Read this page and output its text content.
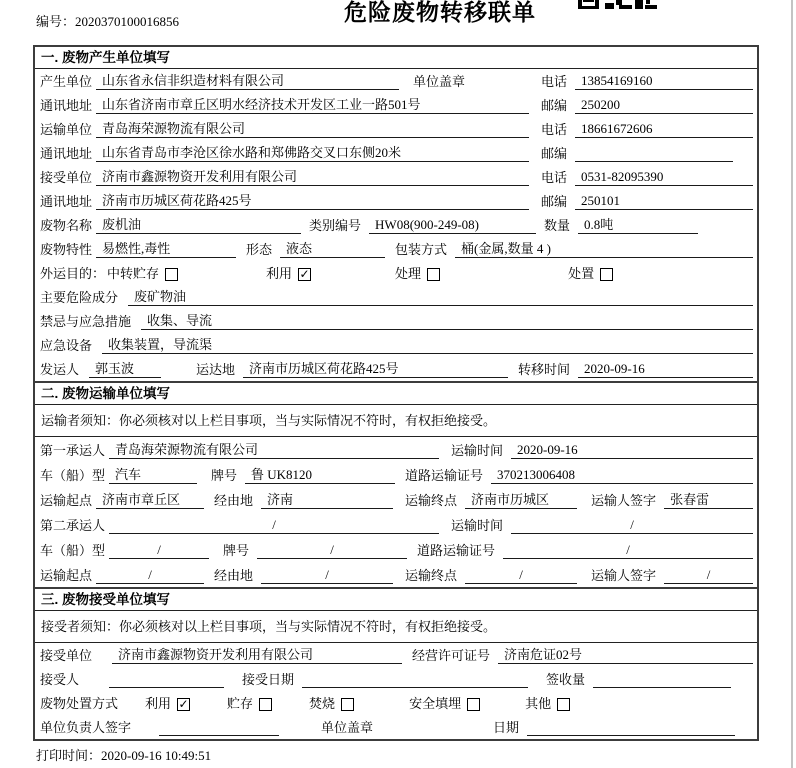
编号：2020370100016856	危险废物转移联单
一. 废物产生单位填写
产生单位 山东省永信非织造材料有限公司	单位盖章	电话	13854169160
通讯地址 山东省济南市章丘区明水经济技术开发区工业一路501号	邮编	250200
运输单位 青岛海荣源物流有限公司	电话	18661672606
通讯地址 山东省青岛市李沧区徐水路和郑佛路交叉口东侧20米	邮编
接受单位 济南市鑫源物资开发利用有限公司	电话	0531-82095390
通讯地址 济南市历城区荷花路425号	邮编	250101
废物名称 废机油	类别编号	HW08(900-249-08)	数量	0.8吨
废物特性 易燃性,毒性	形态	液态	包装方式	桶(金属,数量 4 )
外运目的： 中转贮存	利用 ✓	处理	处置
主要危险成分	废矿物油
禁忌与应急措施	收集、导流
应急设备	收集装置，导流渠
发运人	郭玉波	运达地	济南市历城区荷花路425号	转移时间	2020-09-16
二. 废物运输单位填写
运输者须知：你必须核对以上栏目事项，当与实际情况不符时，有权拒绝接受。
第一承运人 青岛海荣源物流有限公司	运输时间	2020-09-16
车（船）型 汽车	牌号	鲁 UK8120	道路运输证号	370213006408
运输起点 济南市章丘区	经由地	济南	运输终点	济南市历城区	运输人签字	张春雷
第二承运人	/	运输时间	/
车（船）型	/	牌号	/	道路运输证号	/
运输起点	/	经由地	/	运输终点	/	运输人签字	/
三. 废物接受单位填写
接受者须知：你必须核对以上栏目事项，当与实际情况不符时，有权拒绝接受。
接受单位	济南市鑫源物资开发利用有限公司	经营许可证号	济南危证02号
接受人	接受日期	签收量
废物处置方式 利用 ✓	贮存	焚烧	安全填埋	其他
单位负责人签字	单位盖章	日期
打印时间：2020-09-16 10:49:51
